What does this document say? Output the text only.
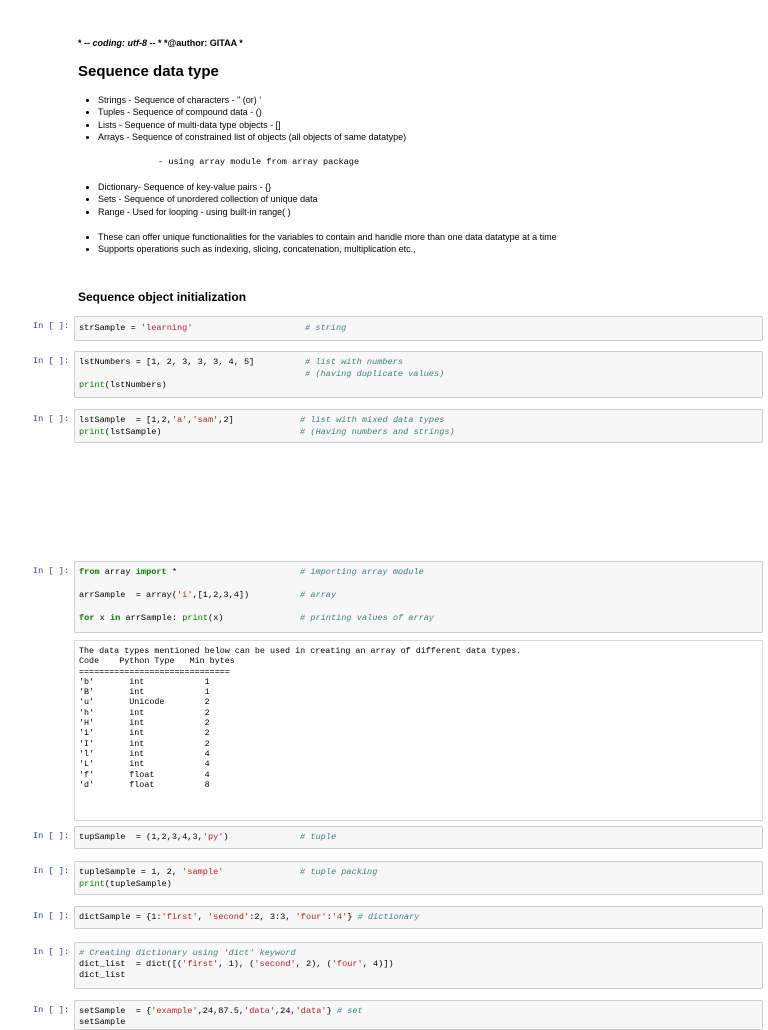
* -- coding: utf-8 -- * *@author: GITAA *
Sequence data type
• Strings - Sequence of characters - " (or) '
• Tuples - Sequence of compound data - ()
• Lists - Sequence of multi-data type objects - []
• Arrays - Sequence of constrained list of objects (all objects of same datatype)
- using array module from array package
• Dictionary- Sequence of key-value pairs - {}
• Sets - Sequence of unordered collection of unique data
• Range - Used for looping - using built-in range( )
• These can offer unique functionalities for the variables to contain and handle more than one data datatype at a time
• Supports operations such as indexing, slicing, concatenation, multiplication etc.,
Sequence object initialization
In [ ]: strSample = 'learning'	# string
In [ ]: lstNumbers = [1, 2, 3, 3, 3, 4, 5]	# list with numbers
# (having duplicate values)
print(lstNumbers)
In [ ]: lstSample  = [1,2,'a','sam',2]	# list with mixed data types
print(lstSample)	# (Having numbers and strings)
In [ ]: from array import *	# importing array module
arrSample  = array('i',[1,2,3,4])	# array
for x in arrSample: print(x)	# printing values of array
The data types mentioned below can be used in creating an array of different data types.
Code    Python Type   Min bytes
==============================
'b'       int            1
'B'       int            1
'u'       Unicode        2
'h'       int            2
'H'       int            2
'i'       int            2
'I'       int            2
'l'       int            4
'L'       int            4
'f'       float          4
'd'       float          8
In [ ]: tupSample  = (1,2,3,4,3,'py')	# tuple
In [ ]: tupleSample = 1, 2, 'sample'	# tuple packing
print(tupleSample)
In [ ]: dictSample = {1:'first', 'second':2, 3:3, 'four':'4'} # dictionary
In [ ]: # Creating dictionary using 'dict' keyword
dict_list  = dict([('first', 1), ('second', 2), ('four', 4)])
dict_list
In [ ]: setSample  = {'example',24,87.5,'data',24,'data'} # set
setSample
